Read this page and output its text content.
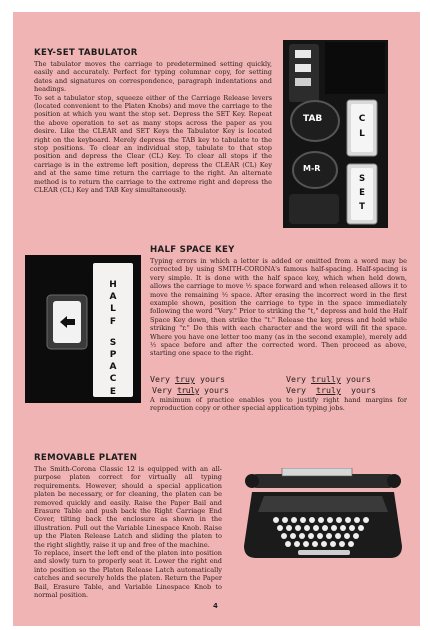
KEY-SET TABULATOR
The tabulator moves the carriage to predetermined setting quickly, easily and accurately. Perfect for typing columnar copy, for setting dates and signatures on correspondence, paragraph indentations and headings.
To set a tabulator stop, squeeze either of the Carriage Release levers (located convenient to the Platen Knobs) and move the carriage to the position at which you want the stop set. Depress the SET Key. Repeat the above operation to set as many stops across the paper as you desire. Like the CLEAR and SET Keys the Tabulator Key is located right on the keyboard. Merely depress the TAB key to tabulate to the stop positions. To clear an individual stop, tabulate to that stop position and depress the Clear (CL) Key. To clear all stops if the carriage is in the extreme left position, depress the CLEAR (CL) Key and at the same time return the carriage to the right. An alternate method is to return the carriage to the extreme right and depress the CLEAR (CL) Key and TAB Key simultaneously.
TAB
M-R
C
L
S
E
T
H
A
L
F
S
P
A
C
E
HALF SPACE KEY

Typing errors in which a letter is added or omitted from a word may be corrected by using SMITH-CORONA's famous half-spacing. Half-spacing is very simple. It is done with the half space key, which when held down, allows the carriage to move ½ space forward and when released allows it to move the remaining ½ space. After erasing the incorrect word in the first example shown, position the carriage to type in the space immediately following the word "Very." Prior to striking the "t," depress and hold the Half Space Key down, then strike the "t." Release the key, press and hold while striking "r." Do this with each character and the word will fit the space. Where you have one letter too many (as in the second example), merely add ½ space before and after the corrected word. Then proceed as above, starting one space to the right.

Very truy yours	Very trully yours
Very truly yours	Very truly yours

A minimum of practice enables you to justify right hand margins for reproduction copy or other special application typing jobs.

REMOVABLE PLATEN
The Smith-Corona Classic 12 is equipped with an all-purpose platen correct for virtually all typing requirements. However, should a special application platen be necessary, or for cleaning, the platen can be removed quickly and easily. Raise the Paper Bail and Erasure Table and push back the Right Carriage End Cover, tilting back the enclosure as shown in the illustration. Pull out the Variable Linespace Knob. Raise up the Platen Release Latch and sliding the platen to the right slightly, raise it up and free of the machine.
To replace, insert the left end of the platen into position and slowly turn to properly seat it. Lower the right end into position so the Platen Release Latch automatically catches and securely holds the platen. Return the Paper Bail, Erasure Table, and Variable Linespace Knob to normal position.
4
